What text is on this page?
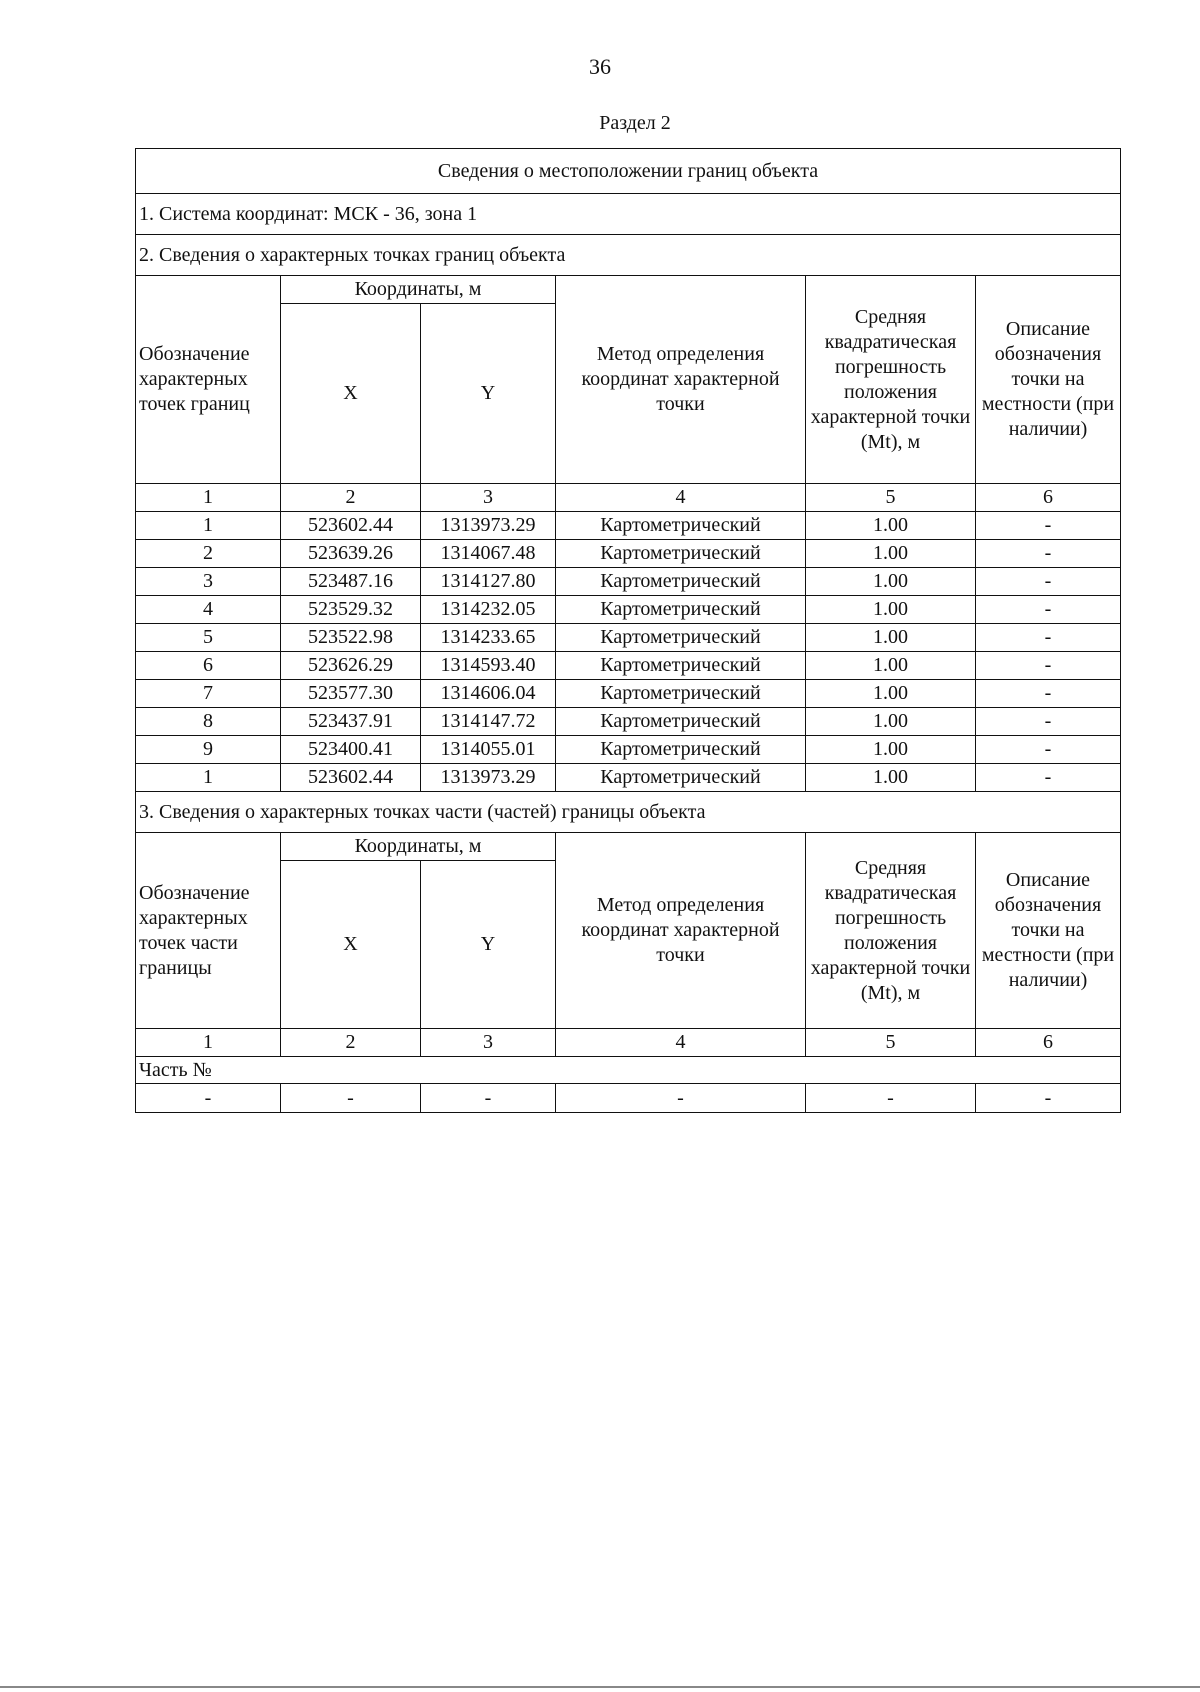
36
Раздел 2
Сведения о местоположении границ объекта					
1. Система координат: МСК - 36, зона 1					
2. Сведения о характерных точках границ объекта					
Обозначение характерных точек границ	Координаты, м		Метод определения координат характерной точки	Средняя квадратическая погрешность положения характерной точки (Mt), м	Описание обозначения точки на местности (при наличии)
	X	Y			
1	2	3	4	5	6
1	523602.44	1313973.29	Картометрический	1.00	-
2	523639.26	1314067.48	Картометрический	1.00	-
3	523487.16	1314127.80	Картометрический	1.00	-
4	523529.32	1314232.05	Картометрический	1.00	-
5	523522.98	1314233.65	Картометрический	1.00	-
6	523626.29	1314593.40	Картометрический	1.00	-
7	523577.30	1314606.04	Картометрический	1.00	-
8	523437.91	1314147.72	Картометрический	1.00	-
9	523400.41	1314055.01	Картометрический	1.00	-
1	523602.44	1313973.29	Картометрический	1.00	-
3. Сведения о характерных точках части (частей) границы объекта					
Обозначение характерных точек части границы	Координаты, м		Метод определения координат характерной точки	Средняя квадратическая погрешность положения характерной точки (Mt), м	Описание обозначения точки на местности (при наличии)
	X	Y			
1	2	3	4	5	6
Часть №					
-	-	-	-	-	-
